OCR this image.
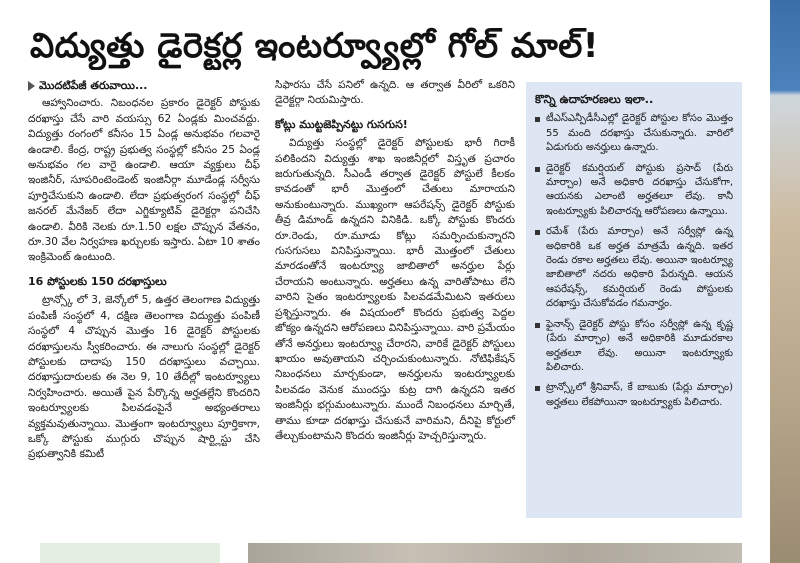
విద్యుత్తు డైరెక్టర్ల ఇంటర్వ్యూల్లో గోల్ మాల్!
మొదటిపేజీ తరువాయి...

ఆహ్వానించారు. నిబంధనల ప్రకారం డైరెక్టర్ పోస్టుకు దరఖాస్తు చేసే వారి వయస్సు 62 ఏండ్లకు మించవద్దు. విద్యుత్తు రంగంలో కనీసం 15 ఏండ్ల అనుభవం గలవారై ఉండాలి. కేంద్ర, రాష్ట్ర ప్రభుత్వ సంస్థల్లో కనీసం 25 ఏండ్ల అనుభవం గల వారై ఉండాలి. ఆయా వ్యక్తులు చీఫ్ ఇంజినీర్, సూపరింటెండెంట్ ఇంజినీర్గా మూడేండ్ల సర్వీసు పూర్తిచేసుకుని ఉండాలి. లేదా ప్రభుత్వరంగ సంస్థల్లో చీఫ్ జనరల్ మేనేజర్ లేదా ఎగ్జిక్యూటివ్ డైరెక్టర్గా పనిచేసి ఉండాలి. వీరికి నెలకు రూ.1.50 లక్షల చొప్పున వేతనం, రూ.30 వేల నిర్వహణ ఖర్చులకు ఇస్తారు. ఏటా 10 శాతం ఇంక్రిమెంట్ ఉంటుంది.

16 పోస్టులకు 150 దరఖాస్తులు

ట్రాన్స్కో లో 3, జెన్కోలో 5, ఉత్తర తెలంగాణ విద్యుత్తు పంపిణీ సంస్థలో 4, దక్షిణ తెలంగాణ విద్యుత్తు పంపిణీ సంస్థలో 4 చొప్పున మొత్తం 16 డైరెక్టర్ పోస్టులకు దరఖాస్తులను స్వీకరించారు. ఈ నాలుగు సంస్థల్లో డైరెక్టర్ పోస్టులకు దాదాపు 150 దరఖాస్తులు వచ్చాయి. దరఖాస్తుదారులకు ఈ నెల 9, 10 తేదీల్లో ఇంటర్వ్యూలు నిర్వహించారు. అయితే పైన పేర్కొన్న అర్హతల్లేని కొందరిని ఇంటర్వ్యూలకు పిలవడంపైనే అభ్యంతరాలు వ్యక్తమవుతున్నాయి. మొత్తంగా ఇంటర్వ్యూలు పూర్తికాగా, ఒక్కో పోస్టుకు ముగ్గురు చొప్పున షార్ట్లిస్టు చేసి ప్రభుత్వానికి కమిటీ

సిఫారసు చేసే పనిలో ఉన్నది. ఆ తర్వాత వీరిలో ఒకరిని డైరెక్టర్గా నియమిస్తారు.

కోట్లు ముట్టజెప్పినట్టు గుసగుస!

విద్యుత్తు సంస్థల్లో డైరెక్టర్ పోస్టులకు భారీ గిరాకీ పలికిందని విద్యుత్తు శాఖ ఇంజినీర్లలో విస్తృత ప్రచారం జరుగుతున్నది. సీఎండీ తర్వాత డైరెక్టర్ పోస్టులే కీలకం కావడంతో భారీ మొత్తంలో చేతులు మారాయని అనుకుంటున్నారు. ముఖ్యంగా ఆపరేషన్స్ డైరెక్టర్ పోస్టుకు తీవ్ర డిమాండ్ ఉన్నదని వినికిడి. ఒక్కో పోస్టుకు కొందరు రూ.రెండు, రూ.మూడు కోట్లు సమర్పించుకున్నారని గుసగుసలు వినిపిస్తున్నాయి. భారీ మొత్తంలో చేతులు మారడంతోనే ఇంటర్వ్యూ జాబితాలో అనర్హుల పేర్లు చేరాయని అంటున్నారు. అర్హతలు ఉన్న వారితోపాటు లేని వారిని సైతం ఇంటర్వ్యూలకు పిలవడమేమిటని ఇతరులు ప్రశ్నిస్తున్నారు. ఈ విషయంలో కొందరు ప్రభుత్వ పెద్దల జోక్యం ఉన్నదని ఆరోపణలు వినిపిస్తున్నాయి. వారి ప్రమేయం తోనే అనర్హులు ఇంటర్వ్యూ చేరారని, వారికే డైరెక్టర్ పోస్టులు ఖాయం అవుతాయని చర్చించుకుంటున్నారు. నోటిఫికేషన్ నిబంధనలు మార్చకుండా, అనర్హులను ఇంటర్వ్యూలకు పిలవడం వెనుక ముందస్తు కుట్ర దాగి ఉన్నదని ఇతర ఇంజినీర్లు భగ్గుమంటున్నారు. ముందే నిబంధనలు మార్చితే, తాము కూడా దరఖాస్తు చేసుకునే వారిమని, దీనిపై కోర్టులో తేల్చుకుంటామని కొందరు ఇంజినీర్లు హెచ్చరిస్తున్నారు.

కొన్ని ఉదాహరణలు ఇలా..
టీఎస్ఎన్పీడీసీఎల్లో డైరెక్టర్ పోస్టుల కోసం మొత్తం 55 మంది దరఖాస్తు చేసుకున్నారు. వారిలో ఏడుగురు అనర్హులు ఉన్నారు.
డైరెక్టర్ కమర్షియల్ పోస్టుకు ప్రసాద్ (పేరు మార్చాం) అనే అధికారి దరఖాస్తు చేసుకోగా, ఆయనకు ఎలాంటి అర్హతలూ లేవు. కానీ ఇంటర్వ్యూకు పిలిచారన్న ఆరోపణలు ఉన్నాయి.
రమేశ్ (పేరు మార్చాం) అనే సర్వీస్లో ఉన్న అధికారికి ఒక అర్హత మాత్రమే ఉన్నది. ఇతర రెండు రకాల అర్హతలు లేవు. అయినా ఇంటర్వ్యూ జాబితాలో నదరు అధికారి పేరున్నది. ఆయన ఆపరేషన్స్, కమర్షియల్ రెండు పోస్టులకు దరఖాస్తు చేసుకోవడం గమనార్హం.
ఫైనాన్స్ డైరెక్టర్ పోస్టు కోసం సర్వీస్లో ఉన్న కృష్ణ (పేరు మార్చాం) అనే అధికారికి మూడురకాల అర్హతలూ లేవు. అయినా ఇంటర్వ్యూకు పిలిచారు.
ట్రాన్స్కోలో శ్రీనివాస్, కే బాబుకు (పేర్లు మార్చాం) అర్హతలు లేకపోయినా ఇంటర్వ్యూకు పిలిచారు.
